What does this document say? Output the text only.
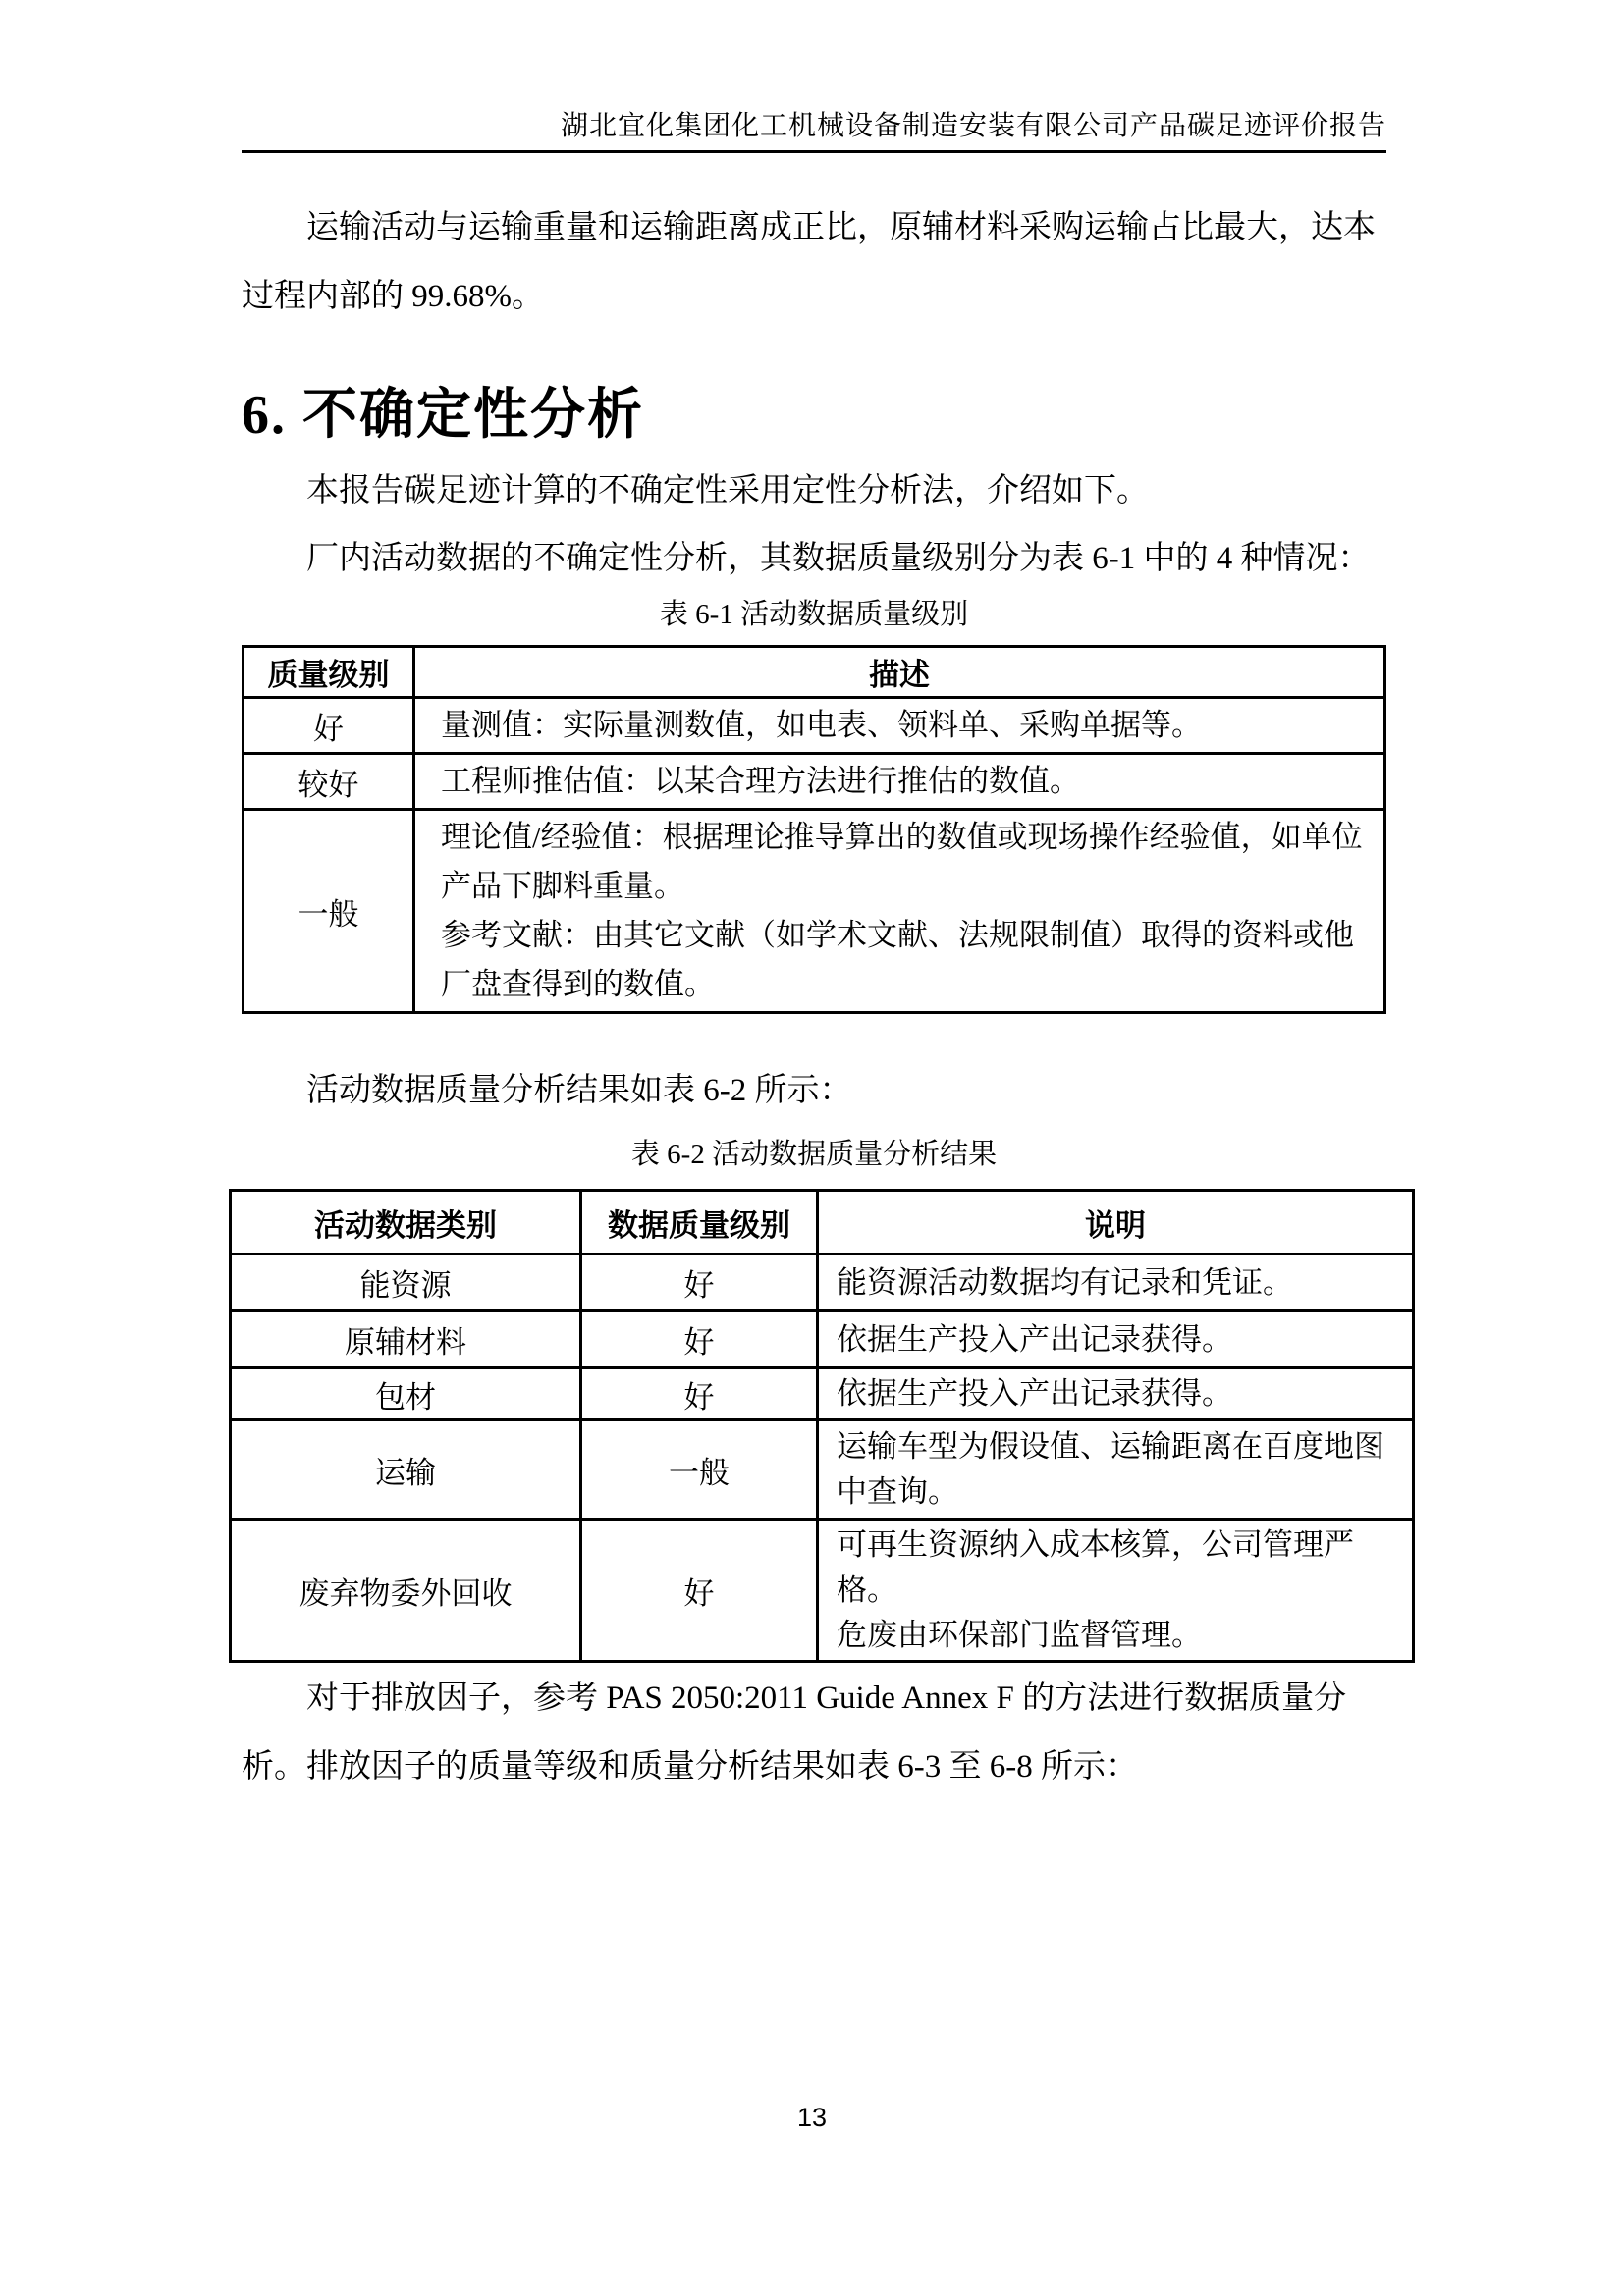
湖北宜化集团化工机械设备制造安装有限公司产品碳足迹评价报告
运输活动与运输重量和运输距离成正比，原辅材料采购运输占比最大，达本
过程内部的 99.68%。
6. 不确定性分析
本报告碳足迹计算的不确定性采用定性分析法，介绍如下。
厂内活动数据的不确定性分析，其数据质量级别分为表 6-1 中的 4 种情况：
表 6-1 活动数据质量级别
质量级别	描述
好	量测值：实际量测数值，如电表、领料单、采购单据等。

较好	工程师推估值：以某合理方法进行推估的数值。

一般	理论值/经验值：根据理论推导算出的数值或现场操作经验值，如单位产品下脚料重量。
参考文献：由其它文献（如学术文献、法规限制值）取得的资料或他厂盘查得到的数值。
活动数据质量分析结果如表 6-2 所示：
表 6-2 活动数据质量分析结果
活动数据类别	数据质量级别	说明
能资源	好	能资源活动数据均有记录和凭证。

原辅材料	好	依据生产投入产出记录获得。

包材	好	依据生产投入产出记录获得。

运输	一般	运输车型为假设值、运输距离在百度地图中查询。

废弃物委外回收	好	可再生资源纳入成本核算，公司管理严格。
危废由环保部门监督管理。
对于排放因子，参考 PAS 2050:2011 Guide Annex F 的方法进行数据质量分
析。排放因子的质量等级和质量分析结果如表 6-3 至 6-8 所示：
13
